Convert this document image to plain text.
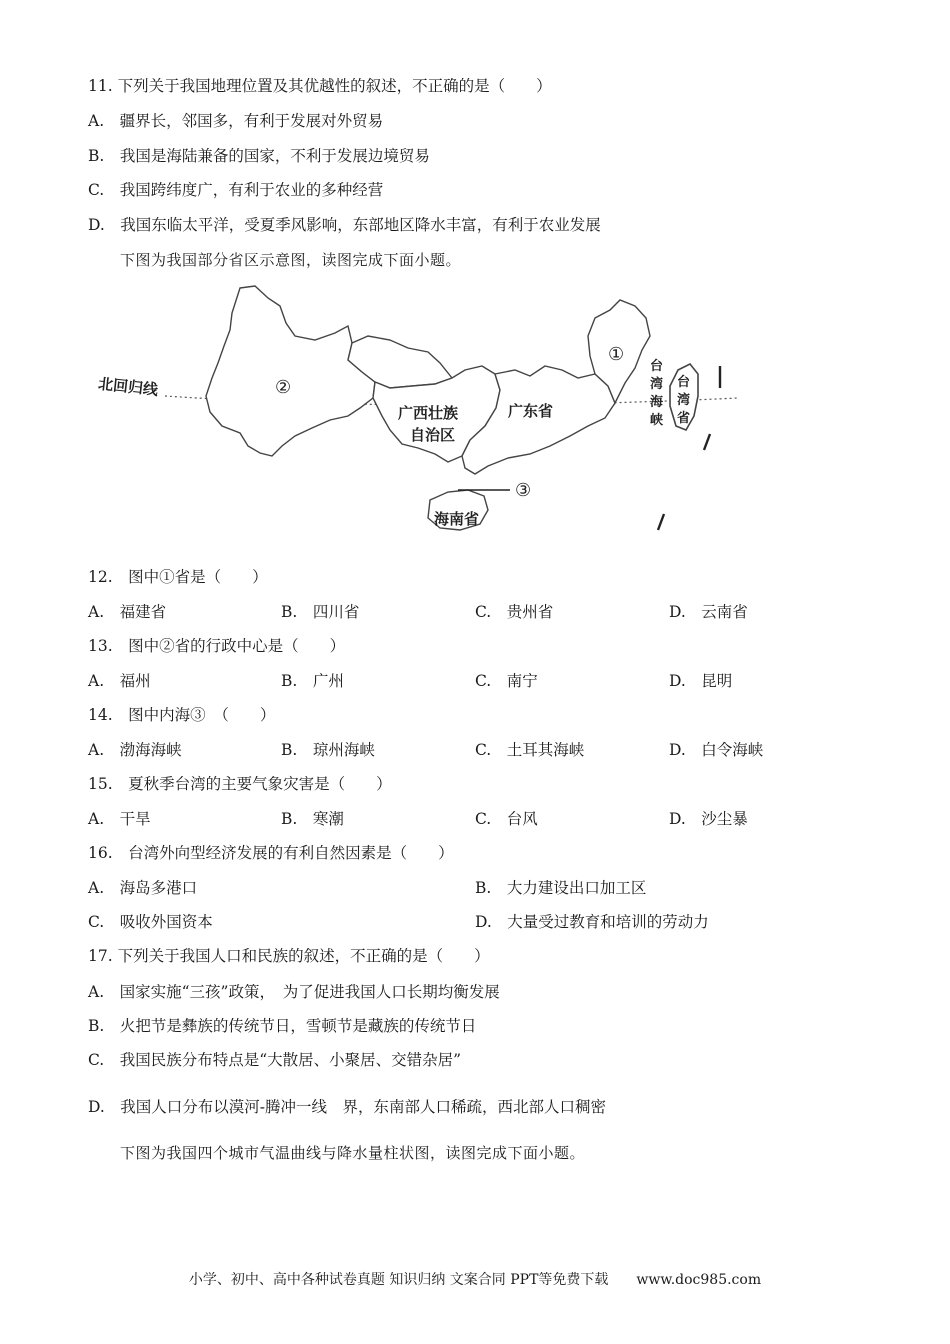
11. 下列关于我国地理位置及其优越性的叙述，不正确的是（　　）
A.　疆界长，邻国多，有利于发展对外贸易
B.　我国是海陆兼备的国家，不利于发展边境贸易
C.　我国跨纬度广，有利于农业的多种经营
D.　我国东临太平洋，受夏季风影响，东部地区降水丰富，有利于农业发展
下图为我国部分省区示意图，读图完成下面小题。
北回归线	②
广西壮族
自治区
广东省
①
台
湾
海
峡
台
湾
省
海南省
③
12.　图中①省是（　　）
A.　福建省	B.　四川省	C.　贵州省	D.　云南省
13.　图中②省的行政中心是（　　）
A.　福州	B.　广州	C.　南宁	D.　昆明
14.　图中内海③　（　　）
A.　渤海海峡	B.　琼州海峡	C.　土耳其海峡	D.　白令海峡
15.　夏秋季台湾的主要气象灾害是（　　）
A.　干旱	B.　寒潮	C.　台风	D.　沙尘暴
16.　台湾外向型经济发展的有利自然因素是（　　）
A.　海岛多港口	B.　大力建设出口加工区
C.　吸收外国资本	D.　大量受过教育和培训的劳动力
17. 下列关于我国人口和民族的叙述，不正确的是（　　）
A.　国家实施“三孩”政策，　为了促进我国人口长期均衡发展
B.　火把节是彝族的传统节日，雪顿节是藏族的传统节日
C.　我国民族分布特点是“大散居、小聚居、交错杂居”
D.　我国人口分布以漠河-腾冲一线　界，东南部人口稀疏，西北部人口稠密
下图为我国四个城市气温曲线与降水量柱状图，读图完成下面小题。
小学、初中、高中各种试卷真题 知识归纳 文案合同 PPT等免费下载　　www.doc985.com
